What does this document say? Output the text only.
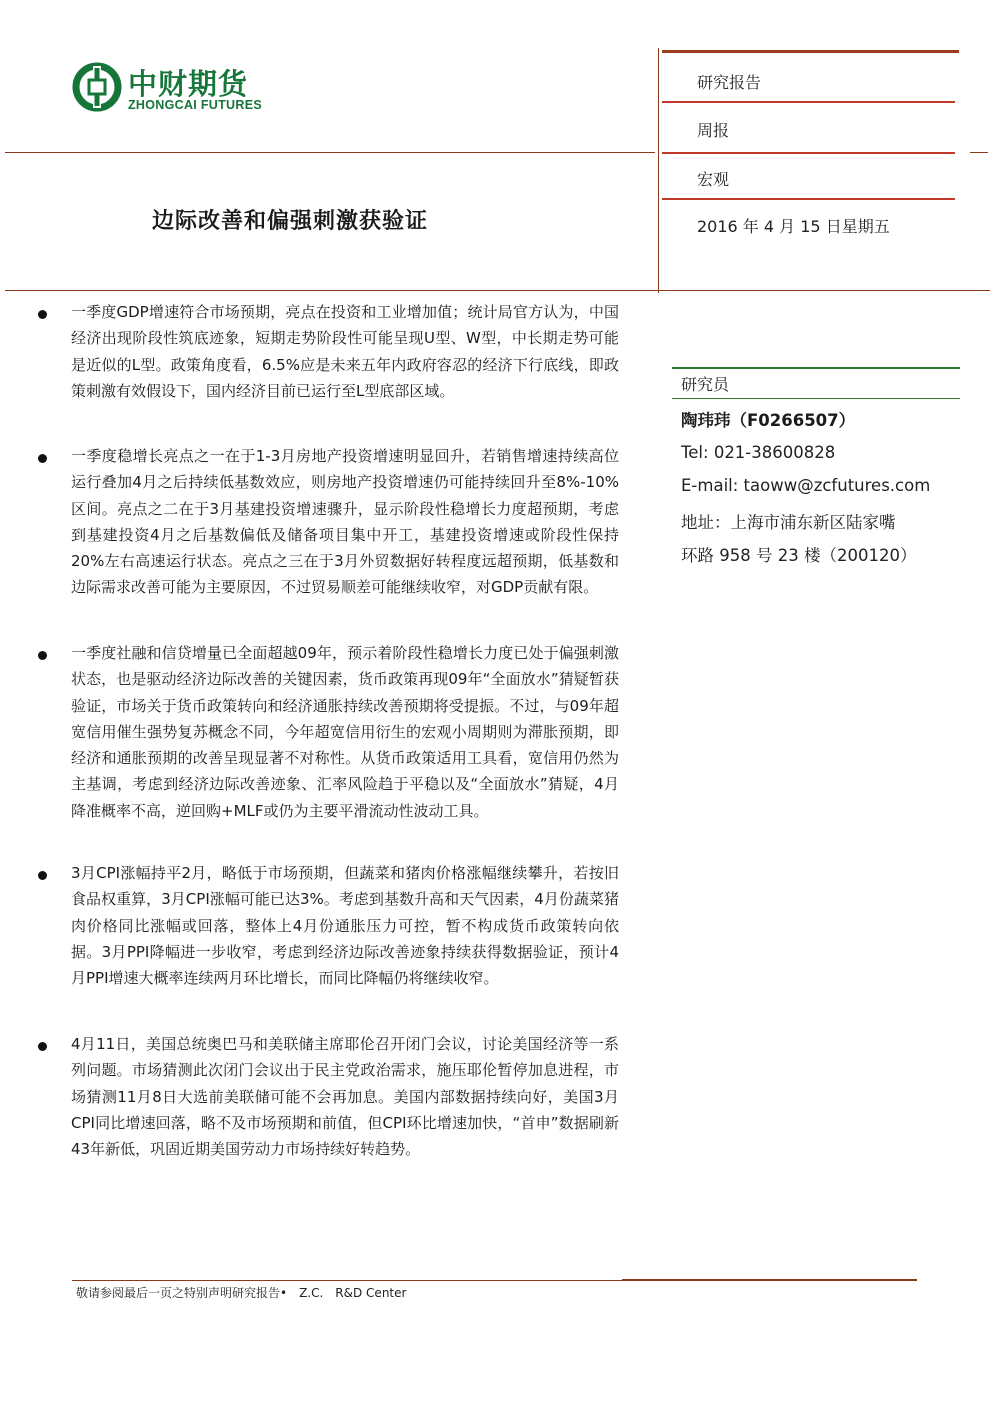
中财期货
ZHONGCAI FUTURES
研究报告
周报
宏观
2016 年 4 月 15 日星期五
边际改善和偏强刺激获验证
一季度GDP增速符合市场预期，亮点在投资和工业增加值；统计局官方认为，中国经济出现阶段性筑底迹象，短期走势阶段性可能呈现U型、W型，中长期走势可能是近似的L型。政策角度看，6.5%应是未来五年内政府容忍的经济下行底线，即政策刺激有效假设下，国内经济目前已运行至L型底部区域。
一季度稳增长亮点之一在于1-3月房地产投资增速明显回升，若销售增速持续高位运行叠加4月之后持续低基数效应，则房地产投资增速仍可能持续回升至8%-10%区间。亮点之二在于3月基建投资增速骤升，显示阶段性稳增长力度超预期，考虑到基建投资4月之后基数偏低及储备项目集中开工，基建投资增速或阶段性保持20%左右高速运行状态。亮点之三在于3月外贸数据好转程度远超预期，低基数和边际需求改善可能为主要原因，不过贸易顺差可能继续收窄，对GDP贡献有限。
一季度社融和信贷增量已全面超越09年，预示着阶段性稳增长力度已处于偏强刺激状态，也是驱动经济边际改善的关键因素，货币政策再现09年“全面放水”猜疑暂获验证，市场关于货币政策转向和经济通胀持续改善预期将受提振。不过，与09年超宽信用催生强势复苏概念不同，今年超宽信用衍生的宏观小周期则为滞胀预期，即经济和通胀预期的改善呈现显著不对称性。从货币政策适用工具看，宽信用仍然为主基调，考虑到经济边际改善迹象、汇率风险趋于平稳以及“全面放水”猜疑，4月降准概率不高，逆回购+MLF或仍为主要平滑流动性波动工具。
3月CPI涨幅持平2月，略低于市场预期，但蔬菜和猪肉价格涨幅继续攀升，若按旧食品权重算，3月CPI涨幅可能已达3%。考虑到基数升高和天气因素，4月份蔬菜猪肉价格同比涨幅或回落，整体上4月份通胀压力可控，暂不构成货币政策转向依据。3月PPI降幅进一步收窄，考虑到经济边际改善迹象持续获得数据验证，预计4月PPI增速大概率连续两月环比增长，而同比降幅仍将继续收窄。
4月11日，美国总统奥巴马和美联储主席耶伦召开闭门会议，讨论美国经济等一系列问题。市场猜测此次闭门会议出于民主党政治需求，施压耶伦暂停加息进程，市场猜测11月8日大选前美联储可能不会再加息。美国内部数据持续向好，美国3月CPI同比增速回落，略不及市场预期和前值，但CPI环比增速加快，“首申”数据刷新43年新低，巩固近期美国劳动力市场持续好转趋势。
研究员
陶玮玮（F0266507）
Tel: 021-38600828
E-mail: taoww@zcfutures.com
地址：上海市浦东新区陆家嘴
环路 958 号 23 楼（200120）
敬请参阅最后一页之特别声明研究报告•　Z.C.　R&D Center
